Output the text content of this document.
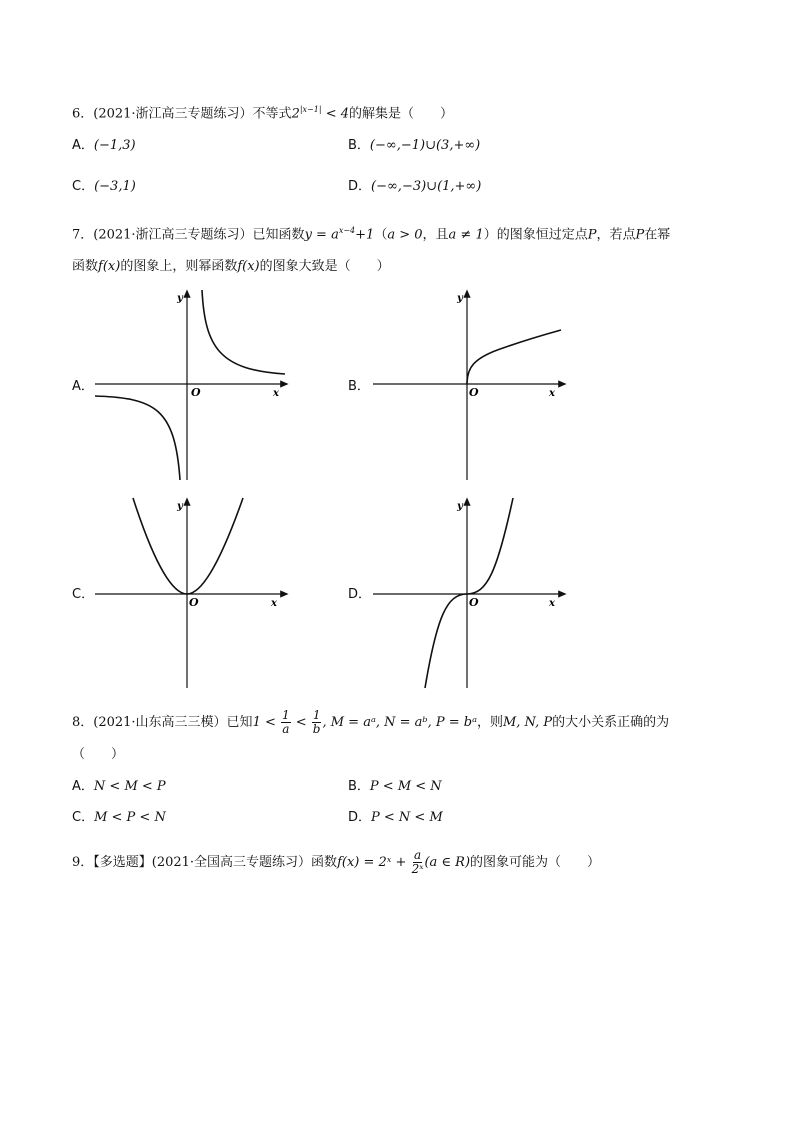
6．(2021·浙江高三专题练习）不等式$2^{|x-1|} < 4$的解集是（　　）
A．(−1,3)	B．(−∞,−1)∪(3,+∞)
C．(−3,1)	D．(−∞,−3)∪(1,+∞)
7．(2021·浙江高三专题练习）已知函数$y = a^{x-4}+1(a > 0$，且a ≠ 1）的图象恒过定点P，若点P在幂
函数f(x)的图象上，则幂函数f(x)的图象大致是（　　）
A．	B．
C．	D．
y
x
O
y
x
O
y
x
O
y
x
O
8．(2021·山东高三三模）已知$1 < \frac{1}{a} < \frac{1}{b}$ , M = aᵃ, N = aᵇ, P = bᵃ，则M, N, P的大小关系正确的为
（　　）
A．N < M < P	B．P < M < N
C．M < P < N	D．P < N < M
9．【多选题】(2021·全国高三专题练习）函数f(x) = 2ˣ + $\frac{a}{\text{2ˣ}} (a$ ∈ R)的图象可能为（　　）
